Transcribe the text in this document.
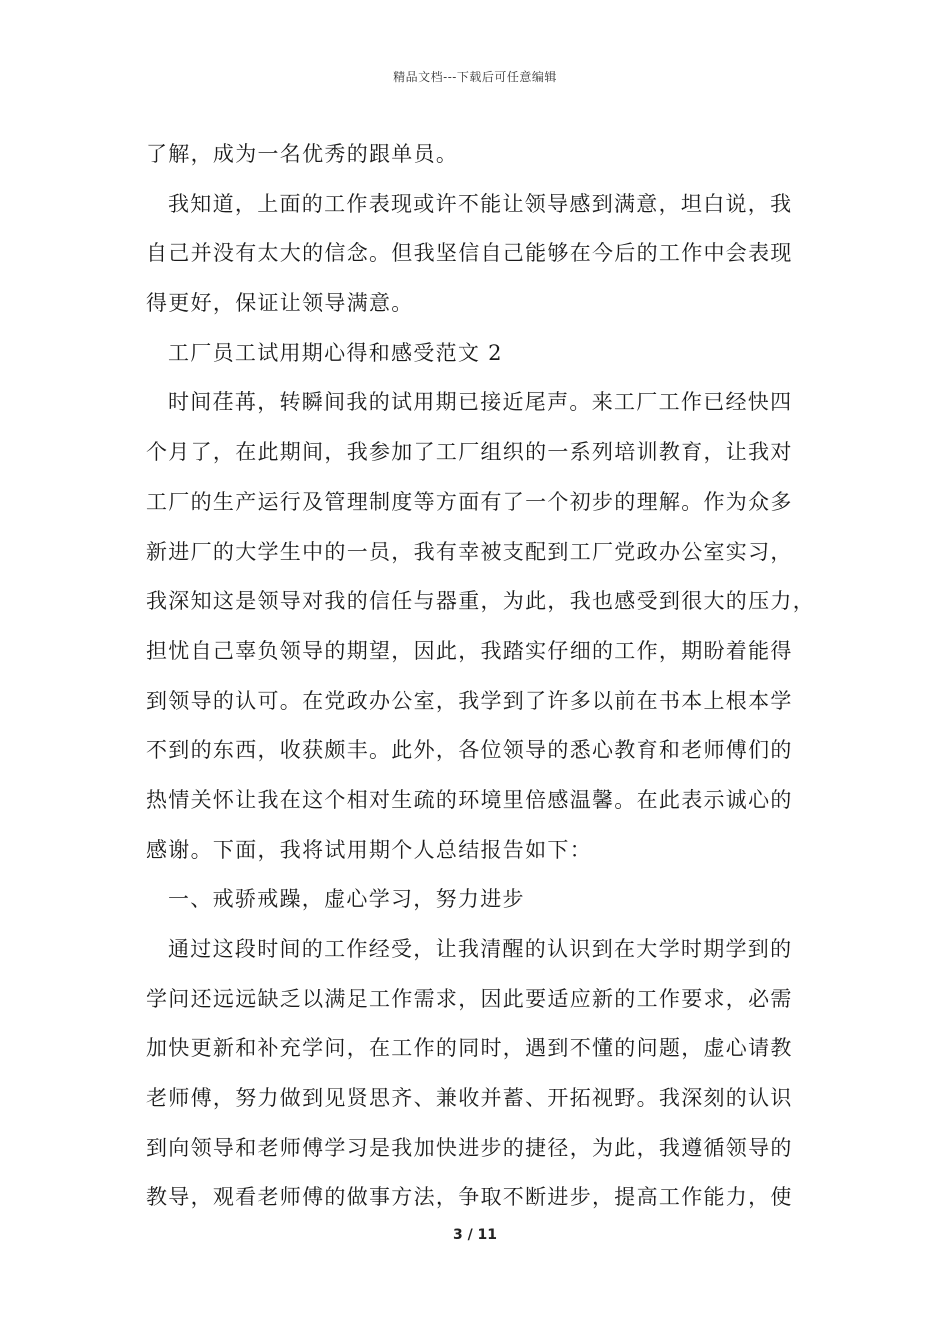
精品文档---下载后可任意编辑
了解，成为一名优秀的跟单员。
我知道，上面的工作表现或许不能让领导感到满意，坦白说，我
自己并没有太大的信念。但我坚信自己能够在今后的工作中会表现
得更好，保证让领导满意。
工厂员工试用期心得和感受范文 2
时间荏苒，转瞬间我的试用期已接近尾声。来工厂工作已经快四
个月了，在此期间，我参加了工厂组织的一系列培训教育，让我对
工厂的生产运行及管理制度等方面有了一个初步的理解。作为众多
新进厂的大学生中的一员，我有幸被支配到工厂党政办公室实习，
我深知这是领导对我的信任与器重，为此，我也感受到很大的压力，
担忧自己辜负领导的期望，因此，我踏实仔细的工作，期盼着能得
到领导的认可。在党政办公室，我学到了许多以前在书本上根本学
不到的东西，收获颇丰。此外，各位领导的悉心教育和老师傅们的
热情关怀让我在这个相对生疏的环境里倍感温馨。在此表示诚心的
感谢。下面，我将试用期个人总结报告如下：
一、戒骄戒躁，虚心学习，努力进步
通过这段时间的工作经受，让我清醒的认识到在大学时期学到的
学问还远远缺乏以满足工作需求，因此要适应新的工作要求，必需
加快更新和补充学问，在工作的同时，遇到不懂的问题，虚心请教
老师傅，努力做到见贤思齐、兼收并蓄、开拓视野。我深刻的认识
到向领导和老师傅学习是我加快进步的捷径，为此，我遵循领导的
教导，观看老师傅的做事方法，争取不断进步，提高工作能力，使
3 / 11
